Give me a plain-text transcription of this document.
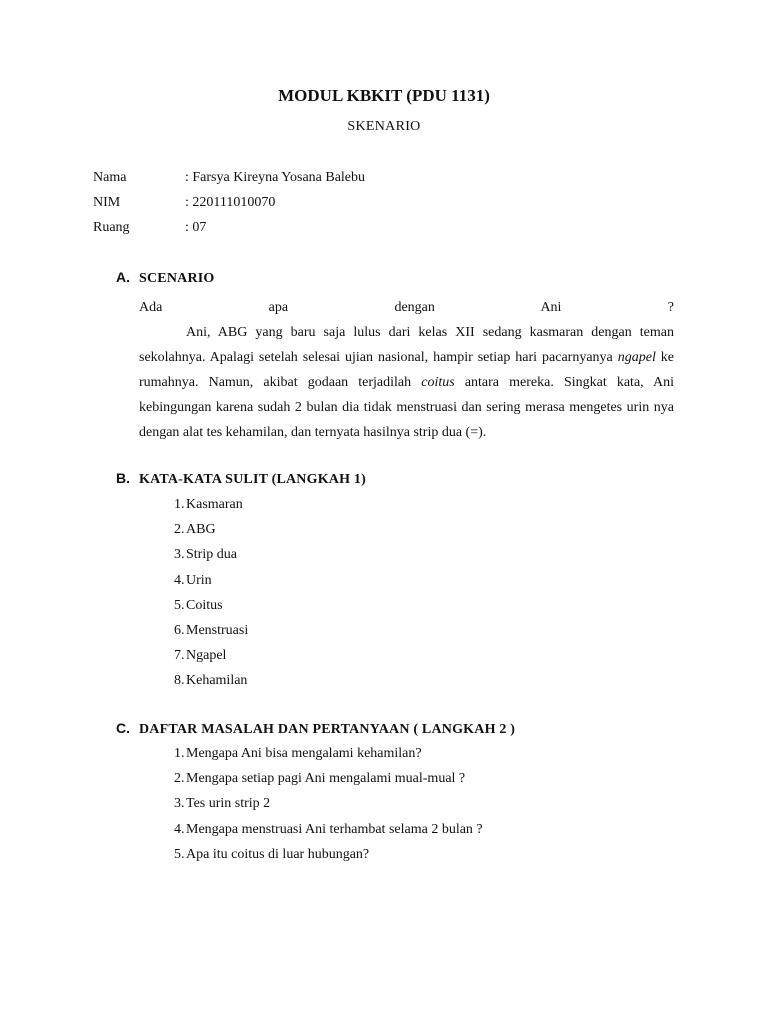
MODUL KBKIT (PDU 1131)
SKENARIO
Nama	: Farsya Kireyna Yosana Balebu
NIM	: 220111010070
Ruang	: 07
A. SCENARIO

Ada apa dengan Ani ?

Ani, ABG yang baru saja lulus dari kelas XII sedang kasmaran dengan teman sekolahnya. Apalagi setelah selesai ujian nasional, hampir setiap hari pacarnyanya ngapel ke rumahnya. Namun, akibat godaan terjadilah coitus antara mereka. Singkat kata, Ani kebingungan karena sudah 2 bulan dia tidak menstruasi dan sering merasa mengetes urin nya dengan alat tes kehamilan, dan ternyata hasilnya strip dua (=).

B. KATA-KATA SULIT (LANGKAH 1)
1. Kasmaran
2. ABG
3. Strip dua
4. Urin
5. Coitus
6. Menstruasi
7. Ngapel
8. Kehamilan
C. DAFTAR MASALAH DAN PERTANYAAN ( LANGKAH 2 )
1. Mengapa Ani bisa mengalami kehamilan?
2. Mengapa setiap pagi Ani mengalami mual-mual ?
3. Tes urin strip 2
4. Mengapa menstruasi Ani terhambat selama 2 bulan ?
5. Apa itu coitus di luar hubungan?
